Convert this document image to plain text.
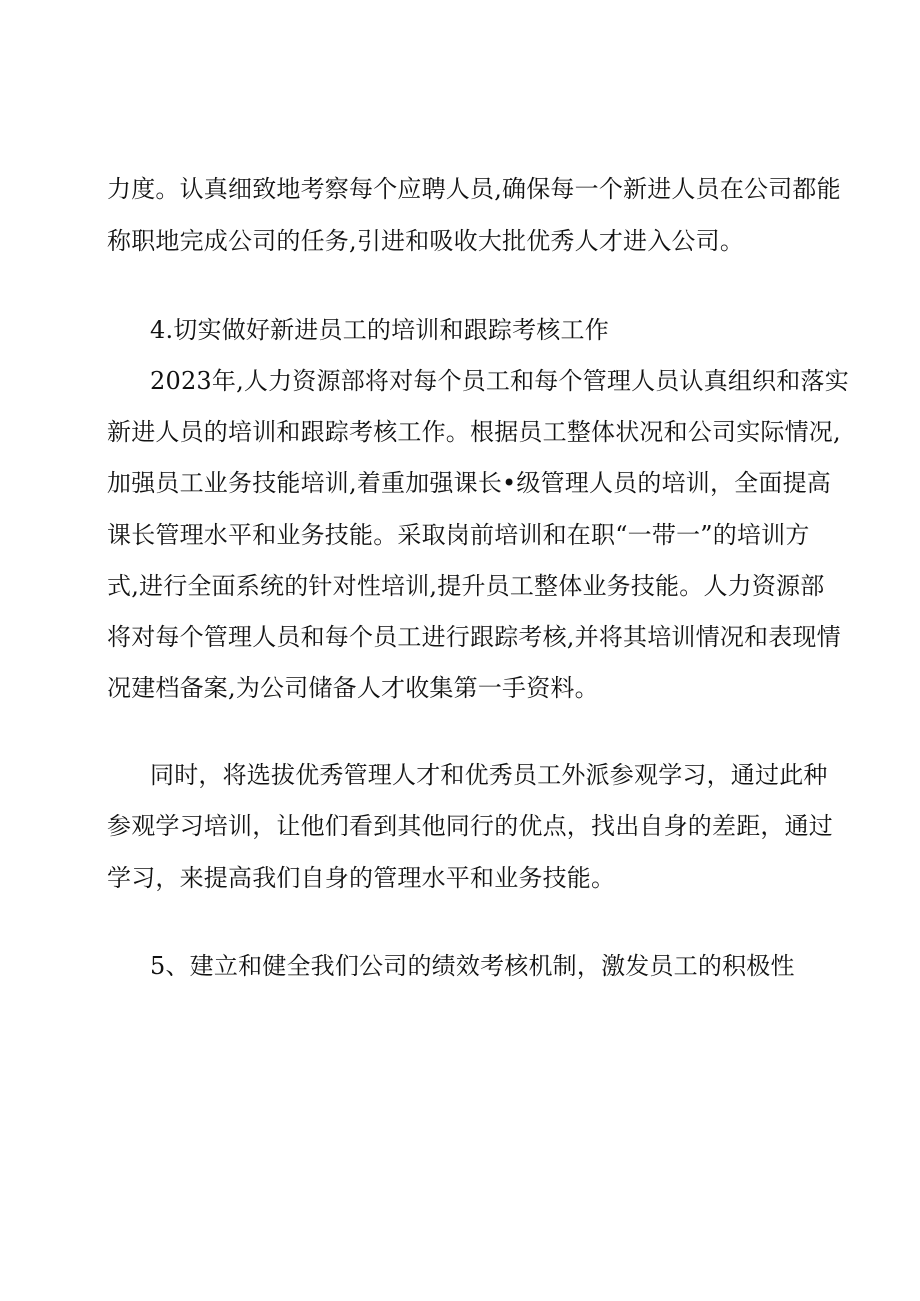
力度。认真细致地考察每个应聘人员,确保每一个新进人员在公司都能
称职地完成公司的任务,引进和吸收大批优秀人才进入公司。
4.切实做好新进员工的培训和跟踪考核工作
2023年,人力资源部将对每个员工和每个管理人员认真组织和落实
新进人员的培训和跟踪考核工作。根据员工整体状况和公司实际情况,
加强员工业务技能培训,着重加强课长•级管理人员的培训，全面提高
课长管理水平和业务技能。采取岗前培训和在职“一带一”的培训方
式,进行全面系统的针对性培训,提升员工整体业务技能。人力资源部
将对每个管理人员和每个员工进行跟踪考核,并将其培训情况和表现情
况建档备案,为公司储备人才收集第一手资料。
同时，将选拔优秀管理人才和优秀员工外派参观学习，通过此种
参观学习培训，让他们看到其他同行的优点，找出自身的差距，通过
学习，来提高我们自身的管理水平和业务技能。
5、建立和健全我们公司的绩效考核机制，激发员工的积极性
